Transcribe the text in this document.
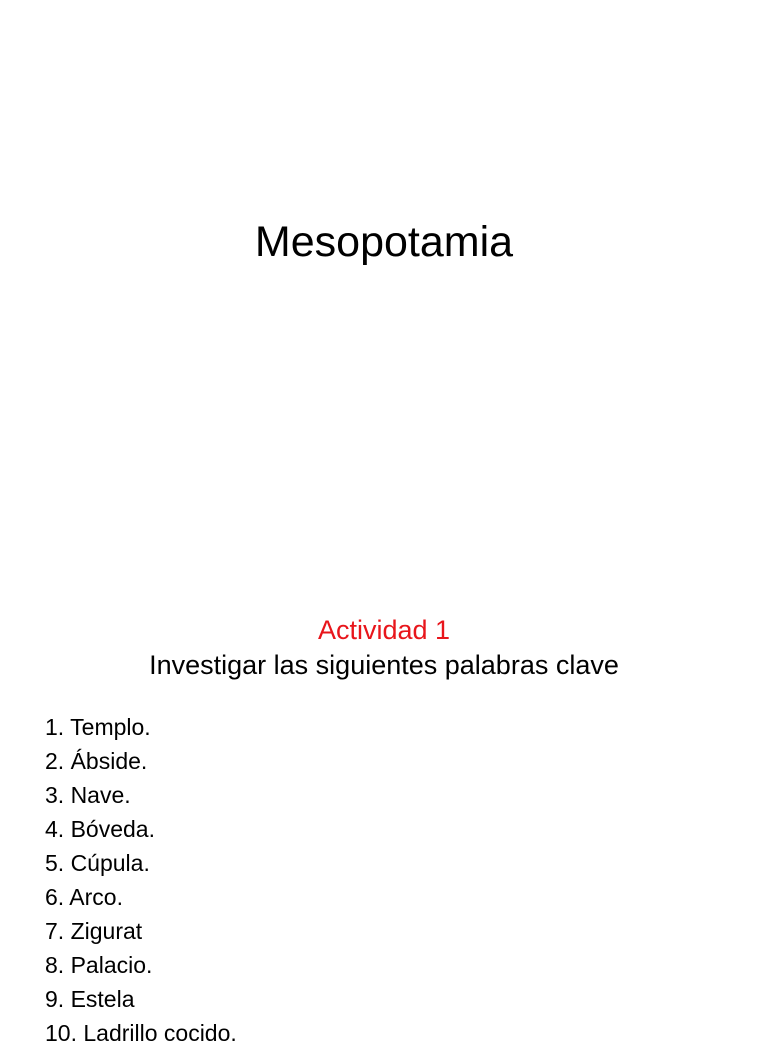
Mesopotamia
Actividad 1
Investigar las siguientes palabras clave
1. Templo.
2. Ábside.
3. Nave.
4. Bóveda.
5. Cúpula.
6. Arco.
7. Zigurat
8. Palacio.
9. Estela
10. Ladrillo cocido.
